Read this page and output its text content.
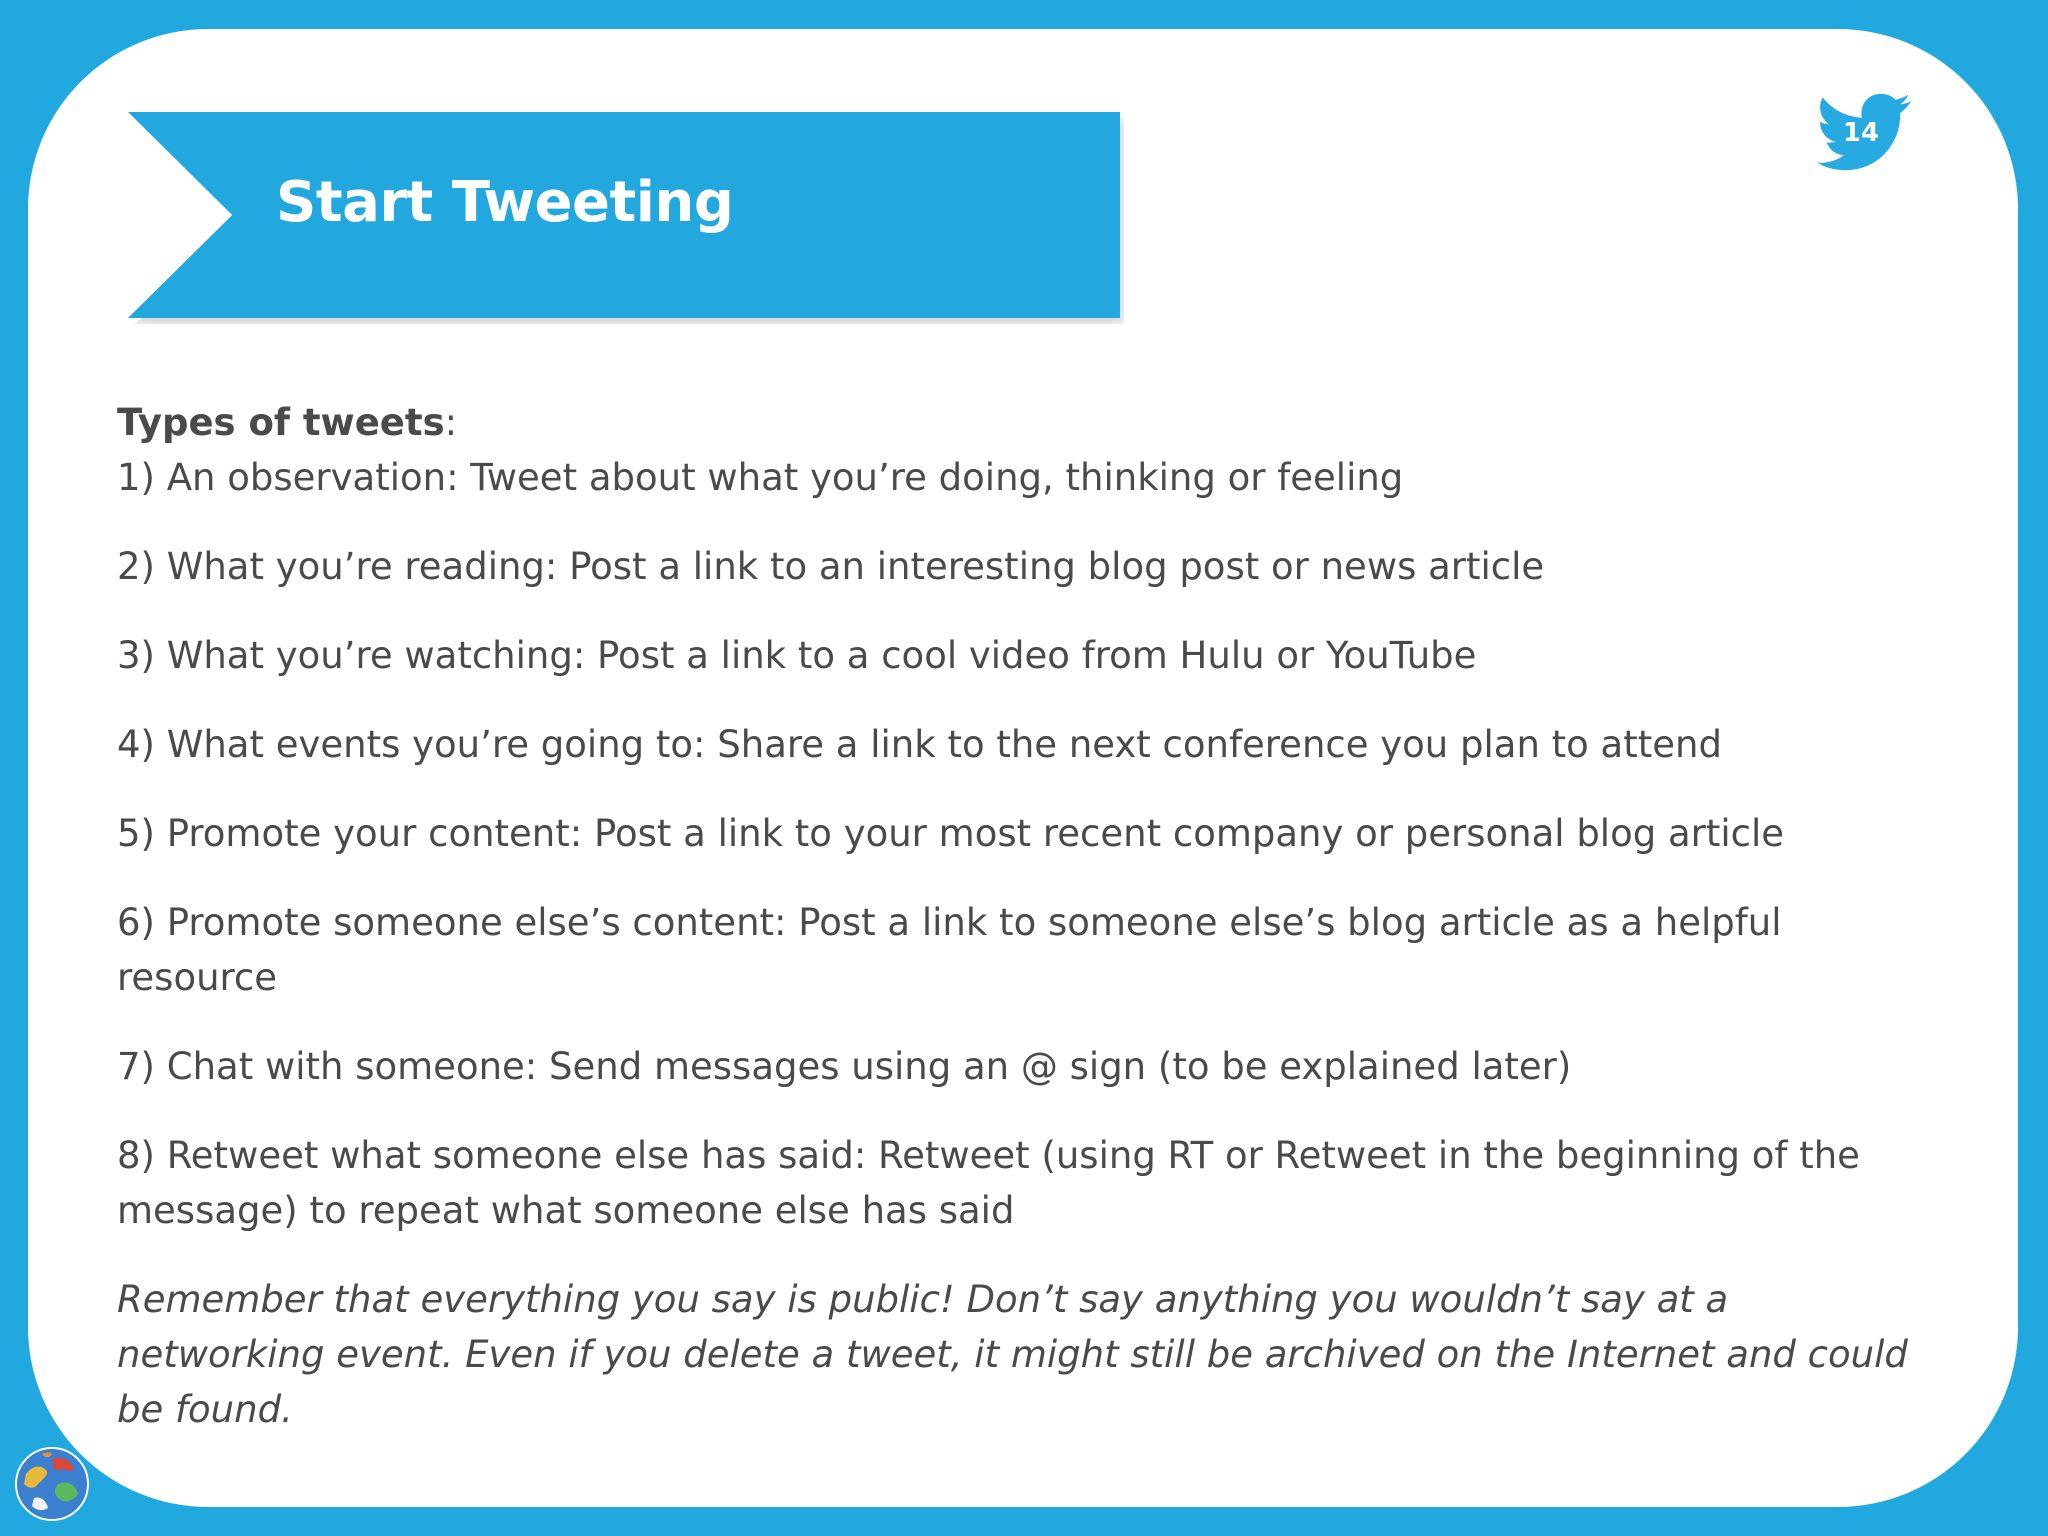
Start Tweeting
14

Types of tweets:

1) An observation: Tweet about what you’re doing, thinking or feeling
2) What you’re reading: Post a link to an interesting blog post or news article
3) What you’re watching: Post a link to a cool video from Hulu or YouTube
4) What events you’re going to: Share a link to the next conference you plan to attend
5) Promote your content: Post a link to your most recent company or personal blog article
6) Promote someone else’s content: Post a link to someone else’s blog article as a helpful resource
7) Chat with someone: Send messages using an @ sign (to be explained later)
8) Retweet what someone else has said: Retweet (using RT or Retweet in the beginning of the message) to repeat what someone else has said

Remember that everything you say is public! Don’t say anything you wouldn’t say at a networking event. Even if you delete a tweet, it might still be archived on the Internet and could be found.
